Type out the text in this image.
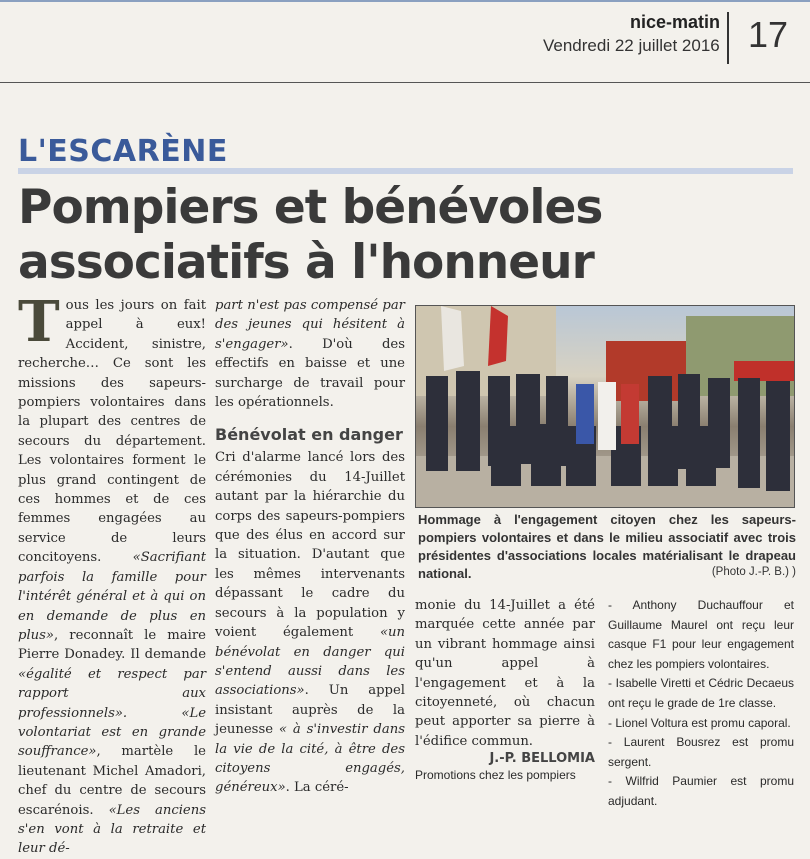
nice-matin
Vendredi 22 juillet 2016 17
L'ESCARÈNE
Pompiers et bénévoles associatifs à l'honneur
Tous les jours on fait appel à eux! Accident, sinistre, recherche… Ce sont les missions des sapeurs-pompiers volontaires dans la plupart des centres de secours du département. Les volontaires forment le plus grand contingent de ces hommes et de ces femmes engagées au service de leurs concitoyens. «Sacrifiant parfois la famille pour l'intérêt général et à qui on en demande de plus en plus», reconnaît le maire Pierre Donadey. Il demande «égalité et respect par rapport aux professionnels». «Le volontariat est en grande souffrance», martèle le lieutenant Michel Amadori, chef du centre de secours escarénois. «Les anciens s'en vont à la retraite et leur dé-
part n'est pas compensé par des jeunes qui hésitent à s'engager». D'où des effectifs en baisse et une surcharge de travail pour les opérationnels.
Bénévolat en danger
Cri d'alarme lancé lors des cérémonies du 14-Juillet autant par la hiérarchie du corps des sapeurs-pompiers que des élus en accord sur la situation. D'autant que les mêmes intervenants dépassant le cadre du secours à la population y voient également «un bénévolat en danger qui s'entend aussi dans les associations». Un appel insistant auprès de la jeunesse « à s'investir dans la vie de la cité, à être des citoyens engagés, généreux». La céré-
Hommage à l'engagement citoyen chez les sapeurs-pompiers volontaires et dans le milieu associatif avec trois présidentes d'associations locales matérialisant le drapeau national.	(Photo J.-P. B.) )
monie du 14-Juillet a été marquée cette année par un vibrant hommage ainsi qu'un appel à l'engagement et à la citoyenneté, où chacun peut apporter sa pierre à l'édifice commun.
J.-P. BELLOMIA
Promotions chez les pompiers
- Anthony Duchauffour et Guillaume Maurel ont reçu leur casque F1 pour leur engagement chez les pompiers volontaires.
- Isabelle Viretti et Cédric Decaeus ont reçu le grade de 1re classe.
- Lionel Voltura est promu caporal.
- Laurent Bousrez est promu sergent.
- Wilfrid Paumier est promu adjudant.
